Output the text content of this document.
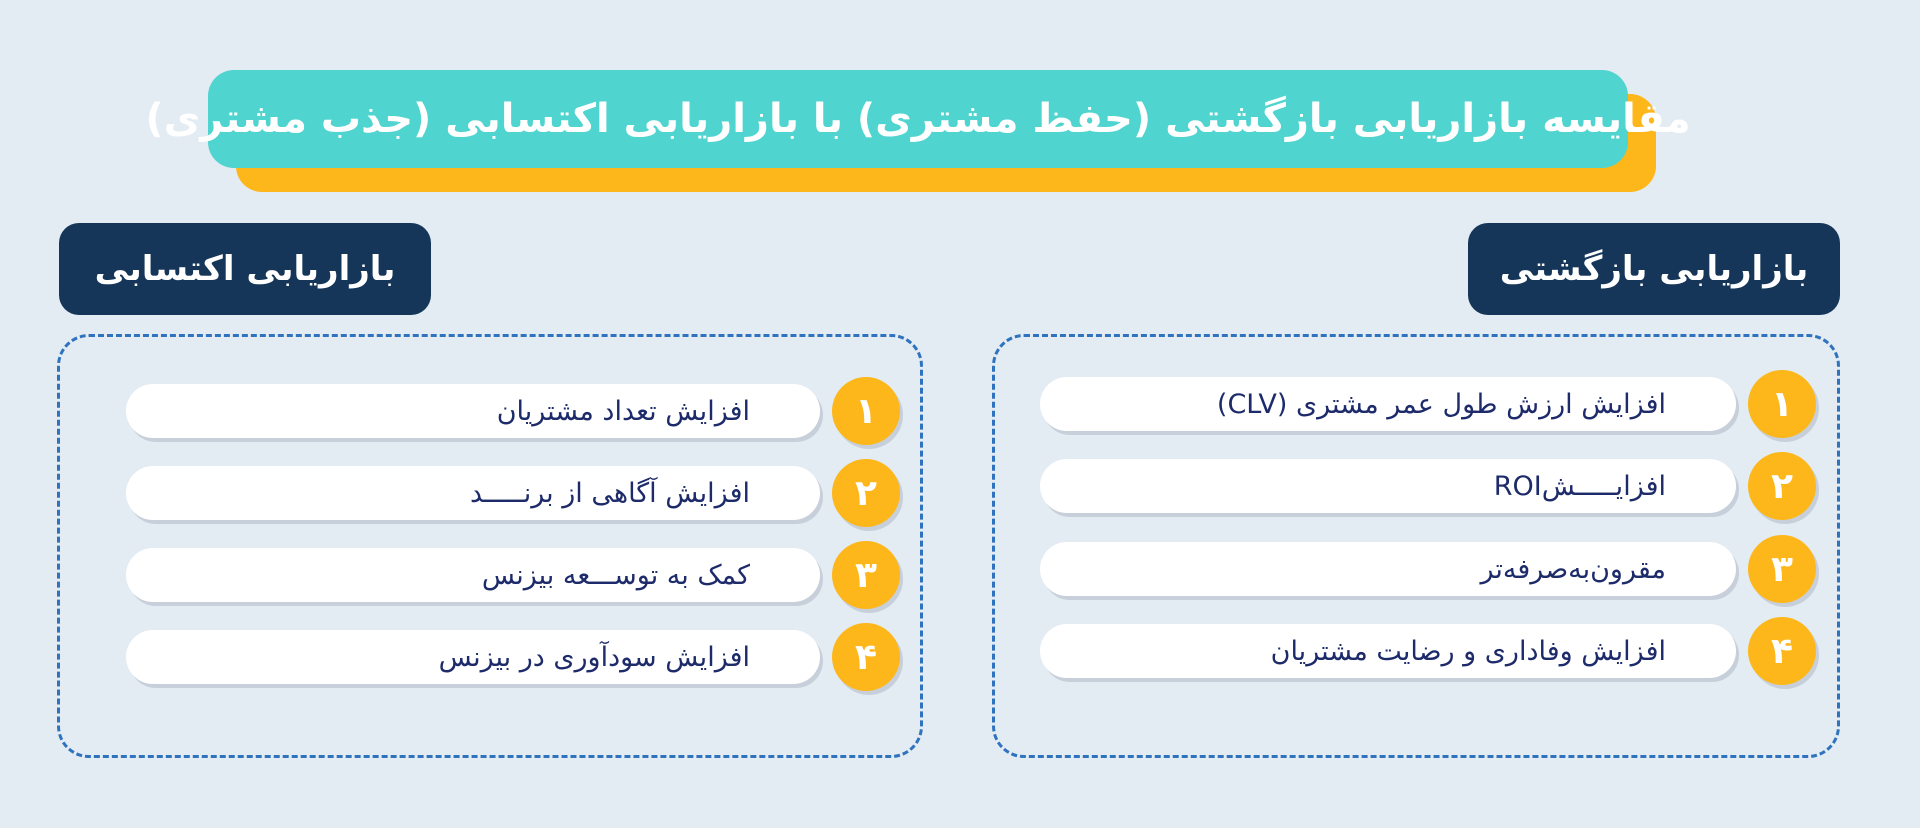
مقایسه بازاریابی بازگشتی (حفظ مشتری) با بازاریابی اکتسابی (جذب مشتری)
بازاریابی بازگشتی
بازاریابی اکتسابی
افزایش ارزش طول عمر مشتری (CLV)	۱
افزایـــــشROI	۲
مقرون‌به‌صرفه‌تر	۳
افزایش وفاداری و رضایت مشتریان	۴
افزایش تعداد مشتریان	۱
افزایش آگاهی از برنـــــد	۲
کمک به توســـعه بیزنس	۳
افزایش سودآوری در بیزنس	۴
